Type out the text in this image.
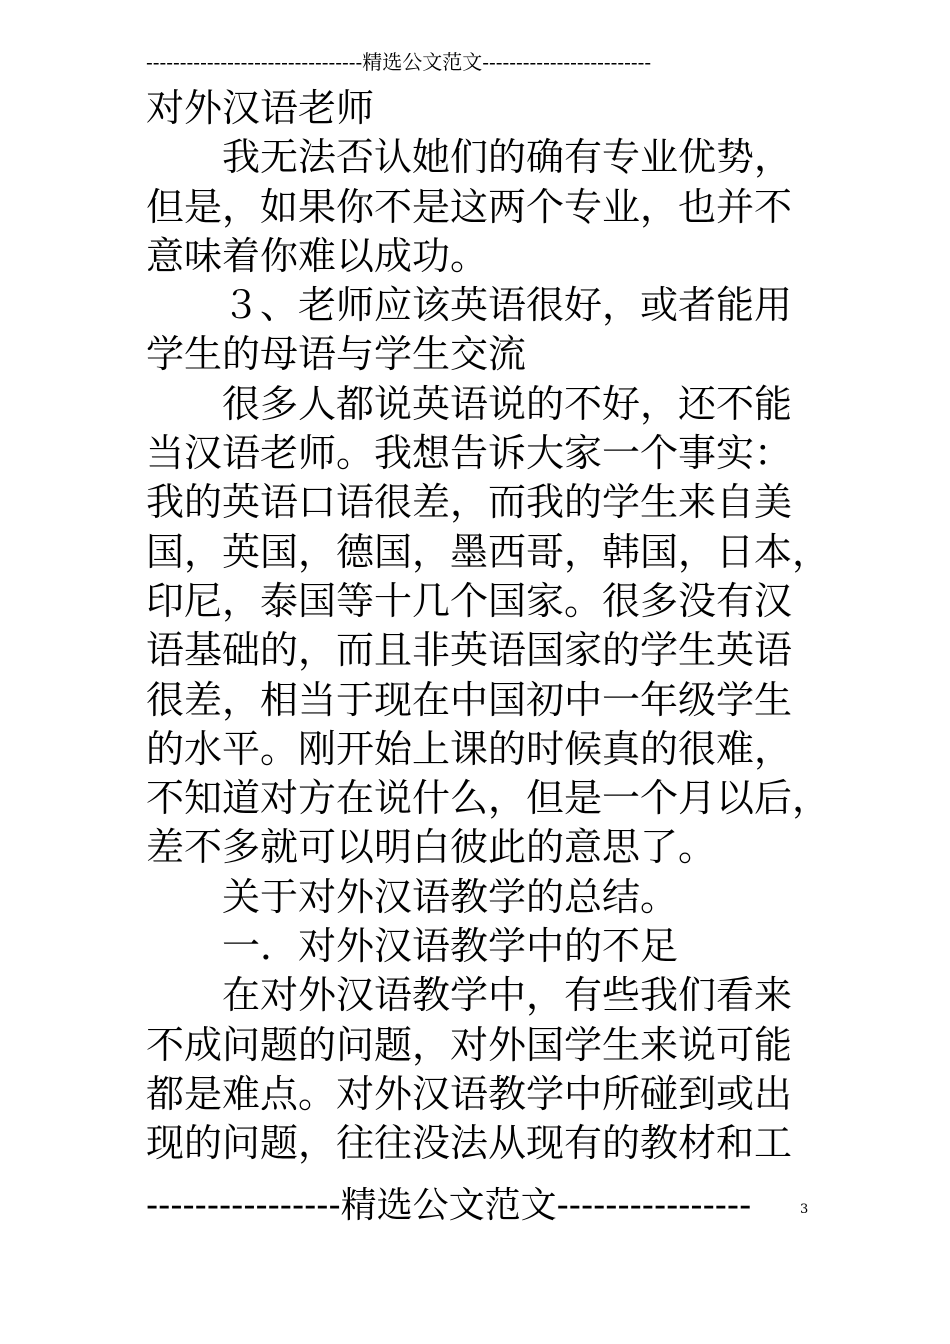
--------------------------------精选公文范文-------------------------
对外汉语老师
我无法否认她们的确有专业优势，
但是，如果你不是这两个专业，也并不
意味着你难以成功。
３、老师应该英语很好，或者能用
学生的母语与学生交流
很多人都说英语说的不好，还不能
当汉语老师。我想告诉大家一个事实：
我的英语口语很差，而我的学生来自美
国，英国，德国，墨西哥，韩国，日本，
印尼，泰国等十几个国家。很多没有汉
语基础的，而且非英语国家的学生英语
很差，相当于现在中国初中一年级学生
的水平。刚开始上课的时候真的很难，
不知道对方在说什么，但是一个月以后，
差不多就可以明白彼此的意思了。
关于对外汉语教学的总结。
一．对外汉语教学中的不足
在对外汉语教学中，有些我们看来
不成问题的问题，对外国学生来说可能
都是难点。对外汉语教学中所碰到或出
现的问题，往往没法从现有的教材和工
----------------精选公文范文----------------	3
